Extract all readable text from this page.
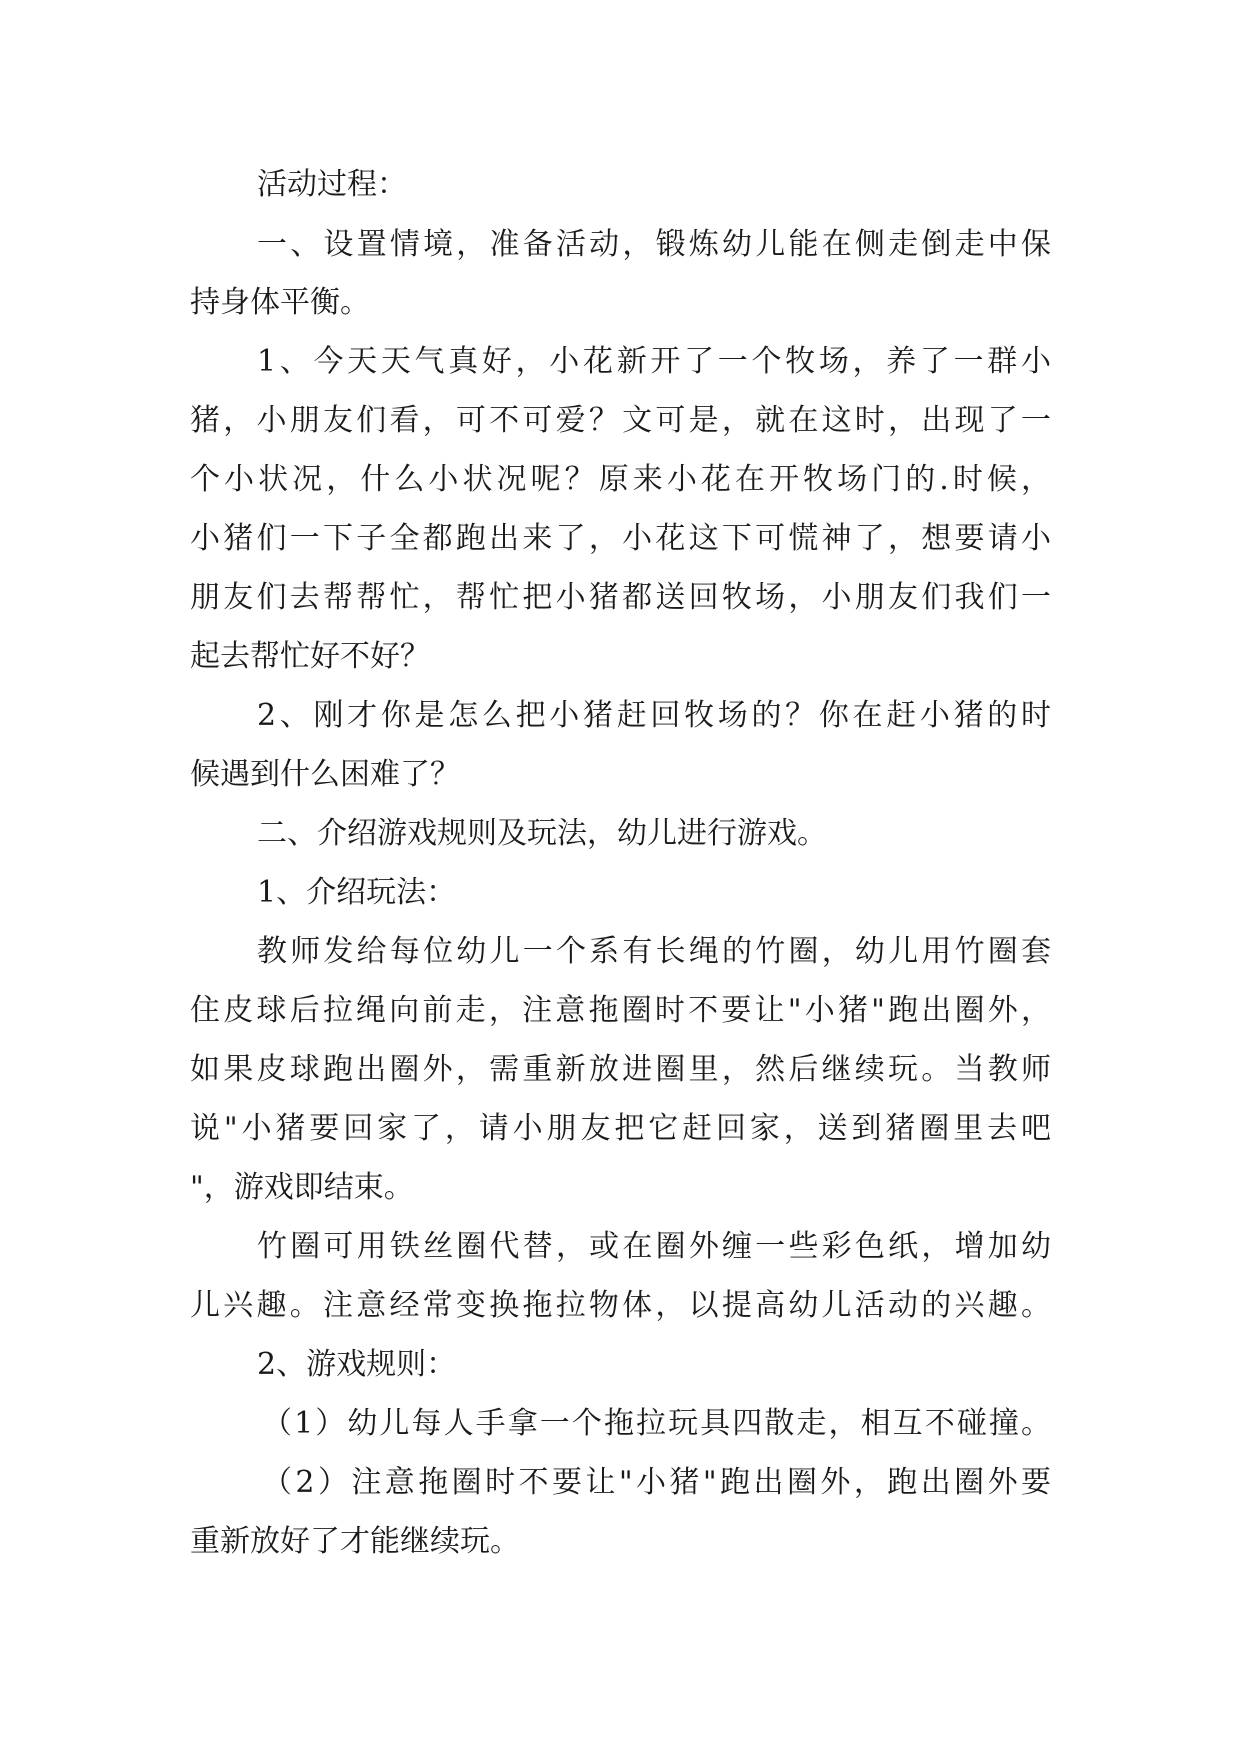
活动过程：
一、设置情境，准备活动，锻炼幼儿能在侧走倒走中保
持身体平衡。
1、今天天气真好，小花新开了一个牧场，养了一群小
猪，小朋友们看，可不可爱？文可是，就在这时，出现了一
个小状况，什么小状况呢？原来小花在开牧场门的.时候，
小猪们一下子全都跑出来了，小花这下可慌神了，想要请小
朋友们去帮帮忙，帮忙把小猪都送回牧场，小朋友们我们一
起去帮忙好不好？
2、刚才你是怎么把小猪赶回牧场的？你在赶小猪的时
候遇到什么困难了？
二、介绍游戏规则及玩法，幼儿进行游戏。
1、介绍玩法：
教师发给每位幼儿一个系有长绳的竹圈，幼儿用竹圈套
住皮球后拉绳向前走，注意拖圈时不要让"小猪"跑出圈外，
如果皮球跑出圈外，需重新放进圈里，然后继续玩。当教师
说"小猪要回家了，请小朋友把它赶回家，送到猪圈里去吧
"，游戏即结束。
竹圈可用铁丝圈代替，或在圈外缠一些彩色纸，增加幼
儿兴趣。注意经常变换拖拉物体，以提高幼儿活动的兴趣。
2、游戏规则：
（1）幼儿每人手拿一个拖拉玩具四散走，相互不碰撞。
（2）注意拖圈时不要让"小猪"跑出圈外，跑出圈外要
重新放好了才能继续玩。
